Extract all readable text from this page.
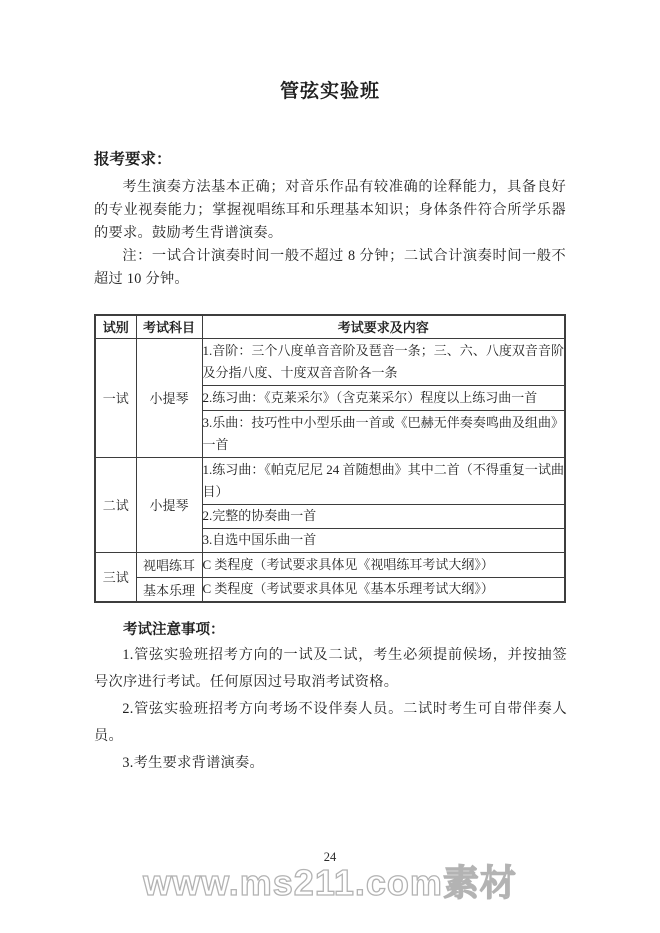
管弦实验班
报考要求：

考生演奏方法基本正确；对音乐作品有较准确的诠释能力，具备良好的专业视奏能力；掌握视唱练耳和乐理基本知识；身体条件符合所学乐器的要求。鼓励考生背谱演奏。

注：一试合计演奏时间一般不超过 8 分钟；二试合计演奏时间一般不超过 10 分钟。

试别	考试科目	考试要求及内容
一试	小提琴	1.音阶：三个八度单音音阶及琶音一条；三、六、八度双音音阶及分指八度、十度双音音阶各一条
		2.练习曲：《克莱采尔》（含克莱采尔）程度以上练习曲一首
		3.乐曲：技巧性中小型乐曲一首或《巴赫无伴奏奏鸣曲及组曲》一首
二试	小提琴	1.练习曲：《帕克尼尼 24 首随想曲》其中二首（不得重复一试曲目）
		2.完整的协奏曲一首
		3.自选中国乐曲一首
三试	视唱练耳	C 类程度（考试要求具体见《视唱练耳考试大纲》）
	基本乐理	C 类程度（考试要求具体见《基本乐理考试大纲》）

考试注意事项：

1.管弦实验班招考方向的一试及二试，考生必须提前候场，并按抽签号次序进行考试。任何原因过号取消考试资格。

2.管弦实验班招考方向考场不设伴奏人员。二试时考生可自带伴奏人员。

3.考生要求背谱演奏。

24
www.ms211.com素材
